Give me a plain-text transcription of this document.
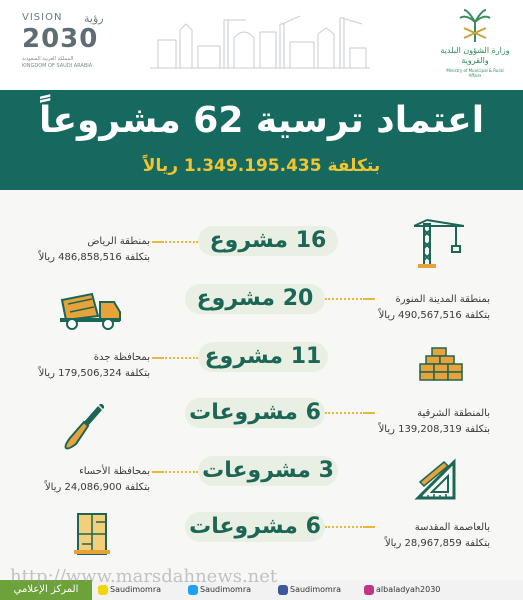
VISION رؤية
2030
المملكة العربية السعودية
KINGDOM OF SAUDI ARABIA
وزارة الشؤون البلدية والقروية
Ministry of Municipal & Rural Affairs
اعتماد ترسية 62 مشروعاً
بتكلفة 1.349.195.435 ريالاً
بمنطقة الرياض
بتكلفة 486,858,516 ريالاً
16 مشروع
20 مشروع	بمنطقة المدينة المنورة
بتكلفة 490,567,516 ريالاً
بمحافظة جدة
بتكلفة 179,506,324 ريالاً
11 مشروع
6 مشروعات	بالمنطقة الشرقية
بتكلفة 139,208,319 ريالاً
بمحافظة الأحساء
بتكلفة 24,086,900 ريالاً
3 مشروعات
6 مشروعات	بالعاصمة المقدسة
بتكلفة 28,967,859 ريالاً
المركز الإعلامي	Saudimomra	Saudimomra	Saudimomra	albaladyah2030
http://www.marsdahnews.net
